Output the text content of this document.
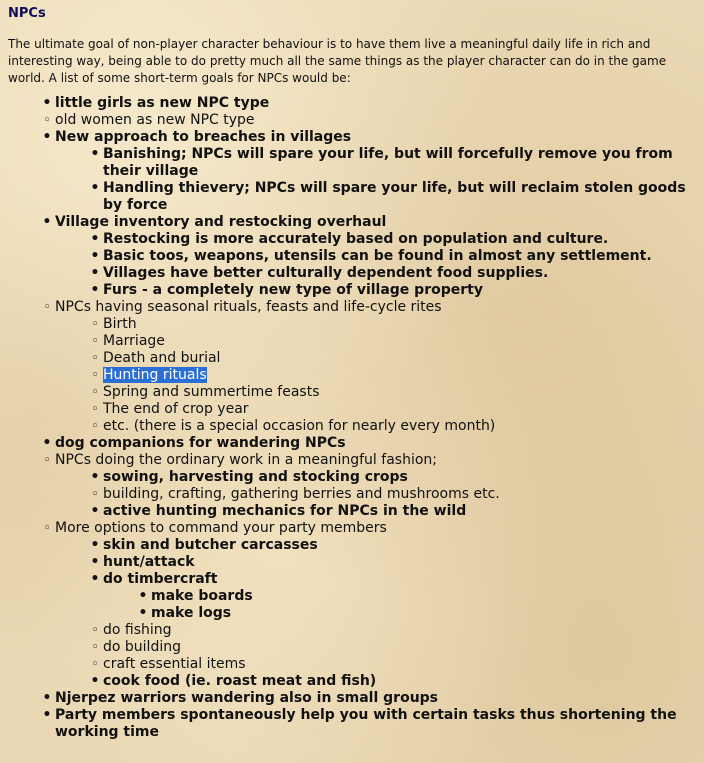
NPCs

The ultimate goal of non-player character behaviour is to have them live a meaningful daily life in rich and interesting way, being able to do pretty much all the same things as the player character can do in the game world. A list of some short-term goals for NPCs would be:

•
little girls as new NPC type
◦
old women as new NPC type
•
New approach to breaches in villages
•
Banishing; NPCs will spare your life, but will forcefully remove you from their village
•
Handling thievery; NPCs will spare your life, but will reclaim stolen goods by force
•
Village inventory and restocking overhaul
•
Restocking is more accurately based on population and culture.
•
Basic toos, weapons, utensils can be found in almost any settlement.
•
Villages have better culturally dependent food supplies.
•
Furs - a completely new type of village property
◦
NPCs having seasonal rituals, feasts and life-cycle rites
◦
Birth
◦
Marriage
◦
Death and burial
◦
Hunting rituals
◦
Spring and summertime feasts
◦
The end of crop year
◦
etc. (there is a special occasion for nearly every month)
•
dog companions for wandering NPCs
◦
NPCs doing the ordinary work in a meaningful fashion;
•
sowing, harvesting and stocking crops
◦
building, crafting, gathering berries and mushrooms etc.
•
active hunting mechanics for NPCs in the wild
◦
More options to command your party members
•
skin and butcher carcasses
•
hunt/attack
•
do timbercraft
•
make boards
•
make logs
◦
do fishing
◦
do building
◦
craft essential items
•
cook food (ie. roast meat and fish)
•
Njerpez warriors wandering also in small groups
•
Party members spontaneously help you with certain tasks thus shortening the working time
